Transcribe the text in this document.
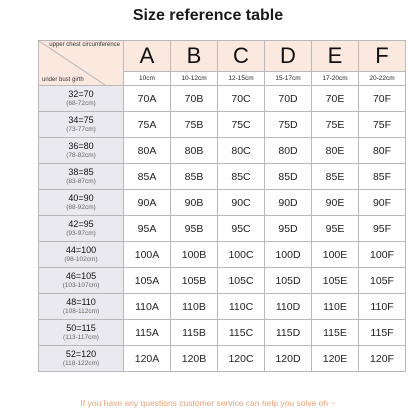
Size reference table
upper chest circumference
under bust girth	A	B	C	D	E	F
	10cm	10-12cm	12-15cm	15-17cm	17-20cm	20-22cm

32=70
(68-72cm)	70A	70B	70C	70D	70E	70F

34=75
(73-77cm)	75A	75B	75C	75D	75E	75F

36=80
(78-82cm)	80A	80B	80C	80D	80E	80F

38=85
(83-87cm)	85A	85B	85C	85D	85E	85F

40=90
(88-92cm)	90A	90B	90C	90D	90E	90F

42=95
(93-97cm)	95A	95B	95C	95D	95E	95F

44=100
(98-102cm)	100A	100B	100C	100D	100E	100F

46=105
(103-107cm)	105A	105B	105C	105D	105E	105F

48=110
(108-112cm)	110A	110B	110C	110D	110E	110F

50=115
(113-117cm)	115A	115B	115C	115D	115E	115F

52=120
(118-122cm)	120A	120B	120C	120D	120E	120F
If you have any questions customer service can help you solve oh ~
